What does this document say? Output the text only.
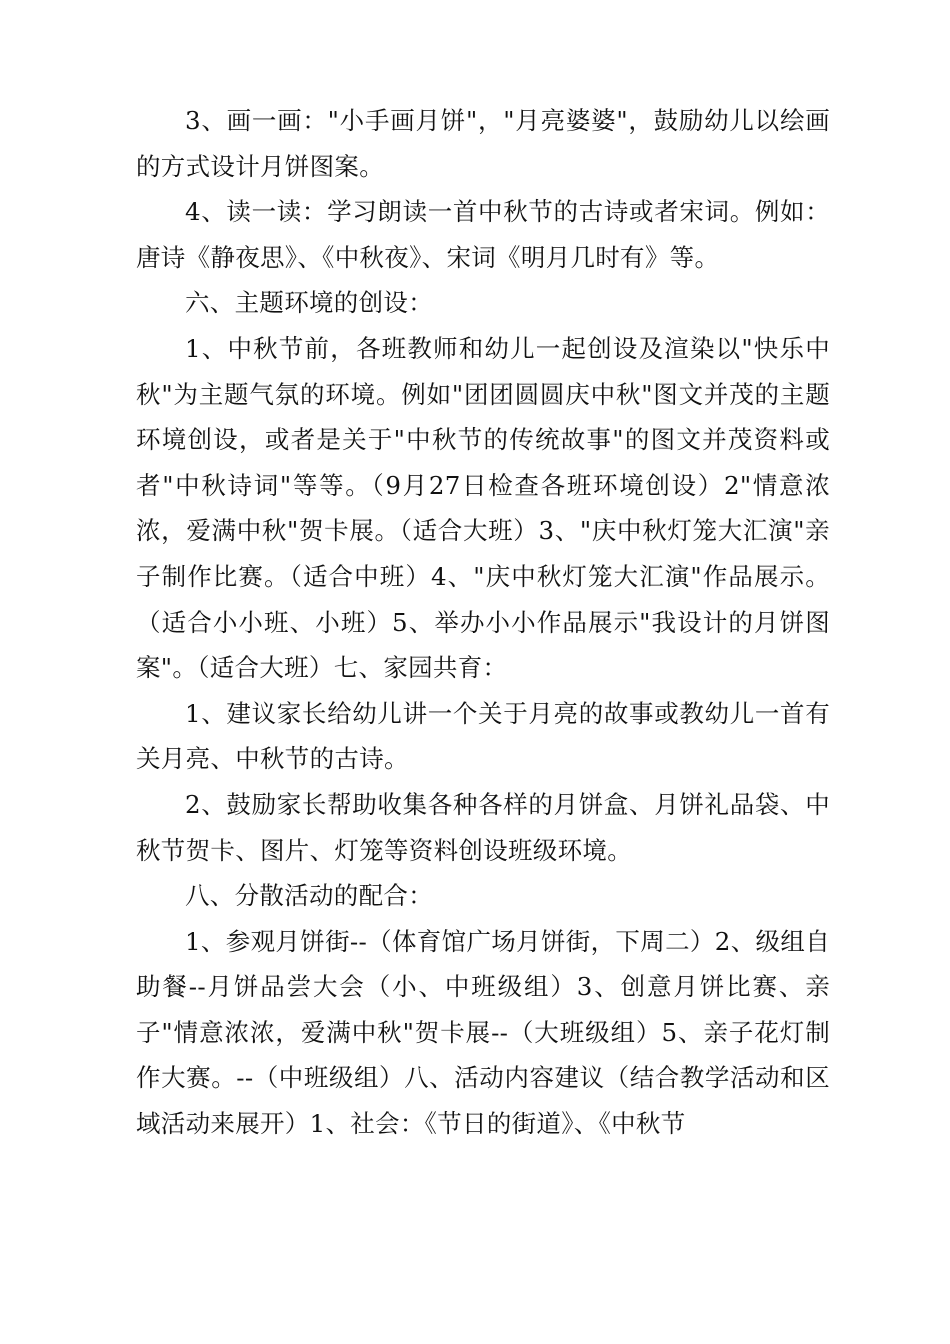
3、画一画："小手画月饼"，"月亮婆婆"，鼓励幼儿以绘画的方式设计月饼图案。

4、读一读：学习朗读一首中秋节的古诗或者宋词。例如：唐诗《静夜思》、《中秋夜》、宋词《明月几时有》等。

六、主题环境的创设：

1、中秋节前，各班教师和幼儿一起创设及渲染以"快乐中秋"为主题气氛的环境。例如"团团圆圆庆中秋"图文并茂的主题环境创设，或者是关于"中秋节的传统故事"的图文并茂资料或者"中秋诗词"等等。（9月27日检查各班环境创设）2"情意浓浓，爱满中秋"贺卡展。（适合大班）3、"庆中秋灯笼大汇演"亲子制作比赛。（适合中班）4、"庆中秋灯笼大汇演"作品展示。（适合小小班、小班）5、举办小小作品展示"我设计的月饼图案"。（适合大班）七、家园共育：

1、建议家长给幼儿讲一个关于月亮的故事或教幼儿一首有关月亮、中秋节的古诗。

2、鼓励家长帮助收集各种各样的月饼盒、月饼礼品袋、中秋节贺卡、图片、灯笼等资料创设班级环境。

八、分散活动的配合：

1、参观月饼街--（体育馆广场月饼街，下周二）2、级组自助餐--月饼品尝大会（小、中班级组）3、创意月饼比赛、亲子"情意浓浓，爱满中秋"贺卡展--（大班级组）5、亲子花灯制作大赛。--（中班级组）八、活动内容建议（结合教学活动和区域活动来展开）1、社会：《节日的街道》、《中秋节
